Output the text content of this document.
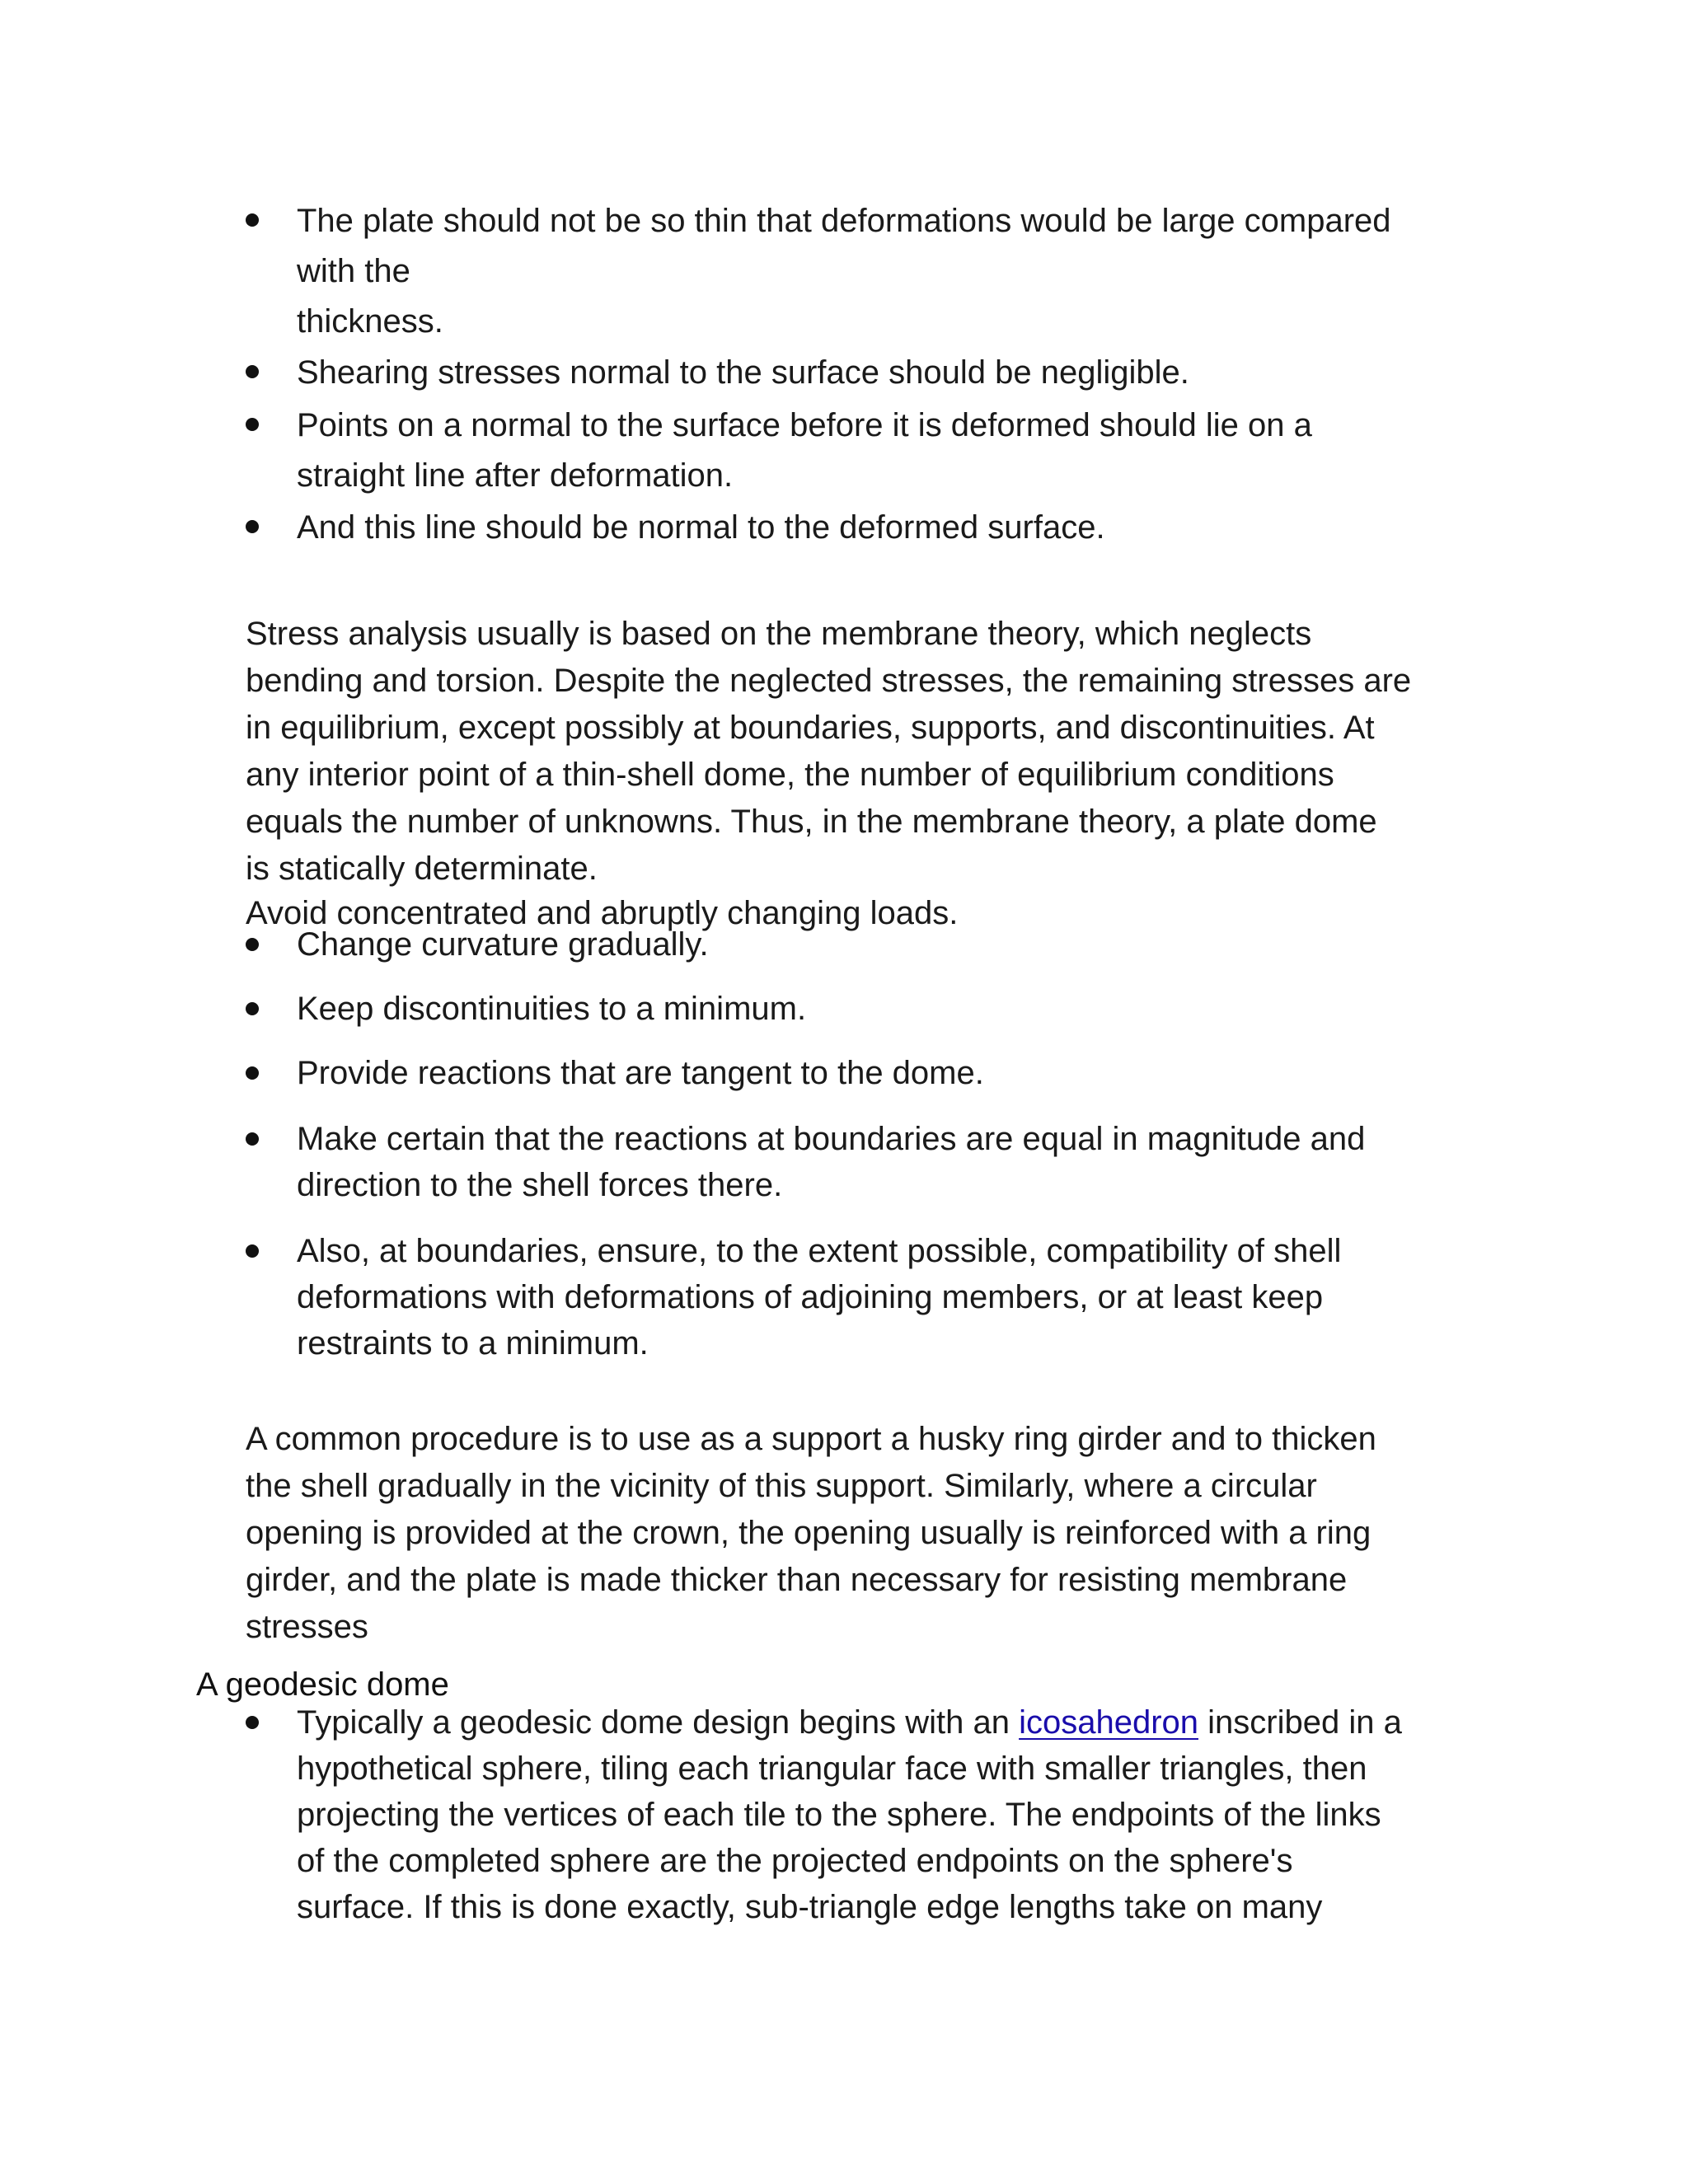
The plate should not be so thin that deformations would be large compared
with the
thickness.
Shearing stresses normal to the surface should be negligible.
Points on a normal to the surface before it is deformed should lie on a
straight line after deformation.
And this line should be normal to the deformed surface.

Stress analysis usually is based on the membrane theory, which neglects
bending and torsion. Despite the neglected stresses, the remaining stresses are
in equilibrium, except possibly at boundaries, supports, and discontinuities. At
any interior point of a thin-shell dome, the number of equilibrium conditions
equals the number of unknowns. Thus, in the membrane theory, a plate dome
is statically determinate.

Avoid concentrated and abruptly changing loads.

Change curvature gradually.
Keep discontinuities to a minimum.
Provide reactions that are tangent to the dome.
Make certain that the reactions at boundaries are equal in magnitude and
direction to the shell forces there.
Also, at boundaries, ensure, to the extent possible, compatibility of shell
deformations with deformations of adjoining members, or at least keep
restraints to a minimum.

A common procedure is to use as a support a husky ring girder and to thicken
the shell gradually in the vicinity of this support. Similarly, where a circular
opening is provided at the crown, the opening usually is reinforced with a ring
girder, and the plate is made thicker than necessary for resisting membrane
stresses

A geodesic dome
Typically a geodesic dome design begins with an icosahedron inscribed in a
hypothetical sphere, tiling each triangular face with smaller triangles, then
projecting the vertices of each tile to the sphere. The endpoints of the links
of the completed sphere are the projected endpoints on the sphere's
surface. If this is done exactly, sub-triangle edge lengths take on many
